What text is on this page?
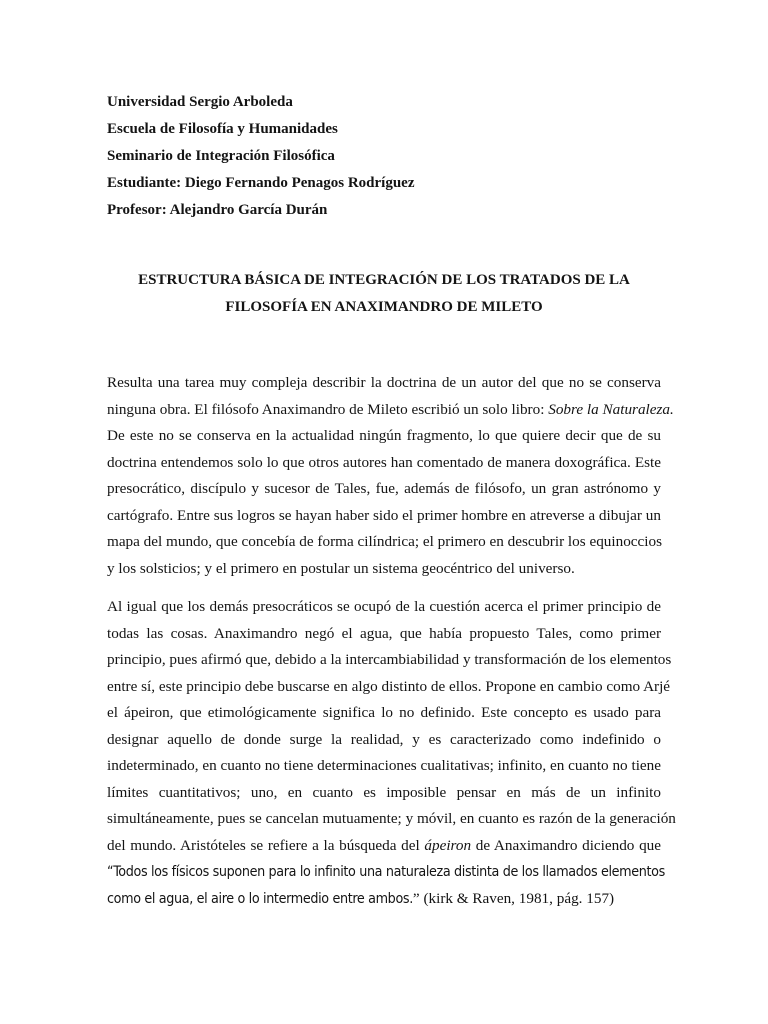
Universidad Sergio Arboleda
Escuela de Filosofía y Humanidades
Seminario de Integración Filosófica
Estudiante: Diego Fernando Penagos Rodríguez
Profesor: Alejandro García Durán
ESTRUCTURA BÁSICA DE INTEGRACIÓN DE LOS TRATADOS DE LA
FILOSOFÍA EN ANAXIMANDRO DE MILETO
Resulta una tarea muy compleja describir la doctrina de un autor del que no se conserva
ninguna obra. El filósofo Anaximandro de Mileto escribió un solo libro: Sobre la Naturaleza.
De este no se conserva en la actualidad ningún fragmento, lo que quiere decir que de su
doctrina entendemos solo lo que otros autores han comentado de manera doxográfica. Este
presocrático, discípulo y sucesor de Tales, fue, además de filósofo, un gran astrónomo y
cartógrafo. Entre sus logros se hayan haber sido el primer hombre en atreverse a dibujar un
mapa del mundo, que concebía de forma cilíndrica; el primero en descubrir los equinoccios
y los solsticios; y el primero en postular un sistema geocéntrico del universo.
Al igual que los demás presocráticos se ocupó de la cuestión acerca el primer principio de
todas las cosas. Anaximandro negó el agua, que había propuesto Tales, como primer
principio, pues afirmó que, debido a la intercambiabilidad y transformación de los elementos
entre sí, este principio debe buscarse en algo distinto de ellos. Propone en cambio como Arjé
el ápeiron, que etimológicamente significa lo no definido. Este concepto es usado para
designar aquello de donde surge la realidad, y es caracterizado como indefinido o
indeterminado, en cuanto no tiene determinaciones cualitativas; infinito, en cuanto no tiene
límites cuantitativos; uno, en cuanto es imposible pensar en más de un infinito
simultáneamente, pues se cancelan mutuamente; y móvil, en cuanto es razón de la generación
del mundo. Aristóteles se refiere a la búsqueda del ápeiron de Anaximandro diciendo que
“Todos los físicos suponen para lo infinito una naturaleza distinta de los llamados elementos
como el agua, el aire o lo intermedio entre ambos.” (kirk & Raven, 1981, pág. 157)
